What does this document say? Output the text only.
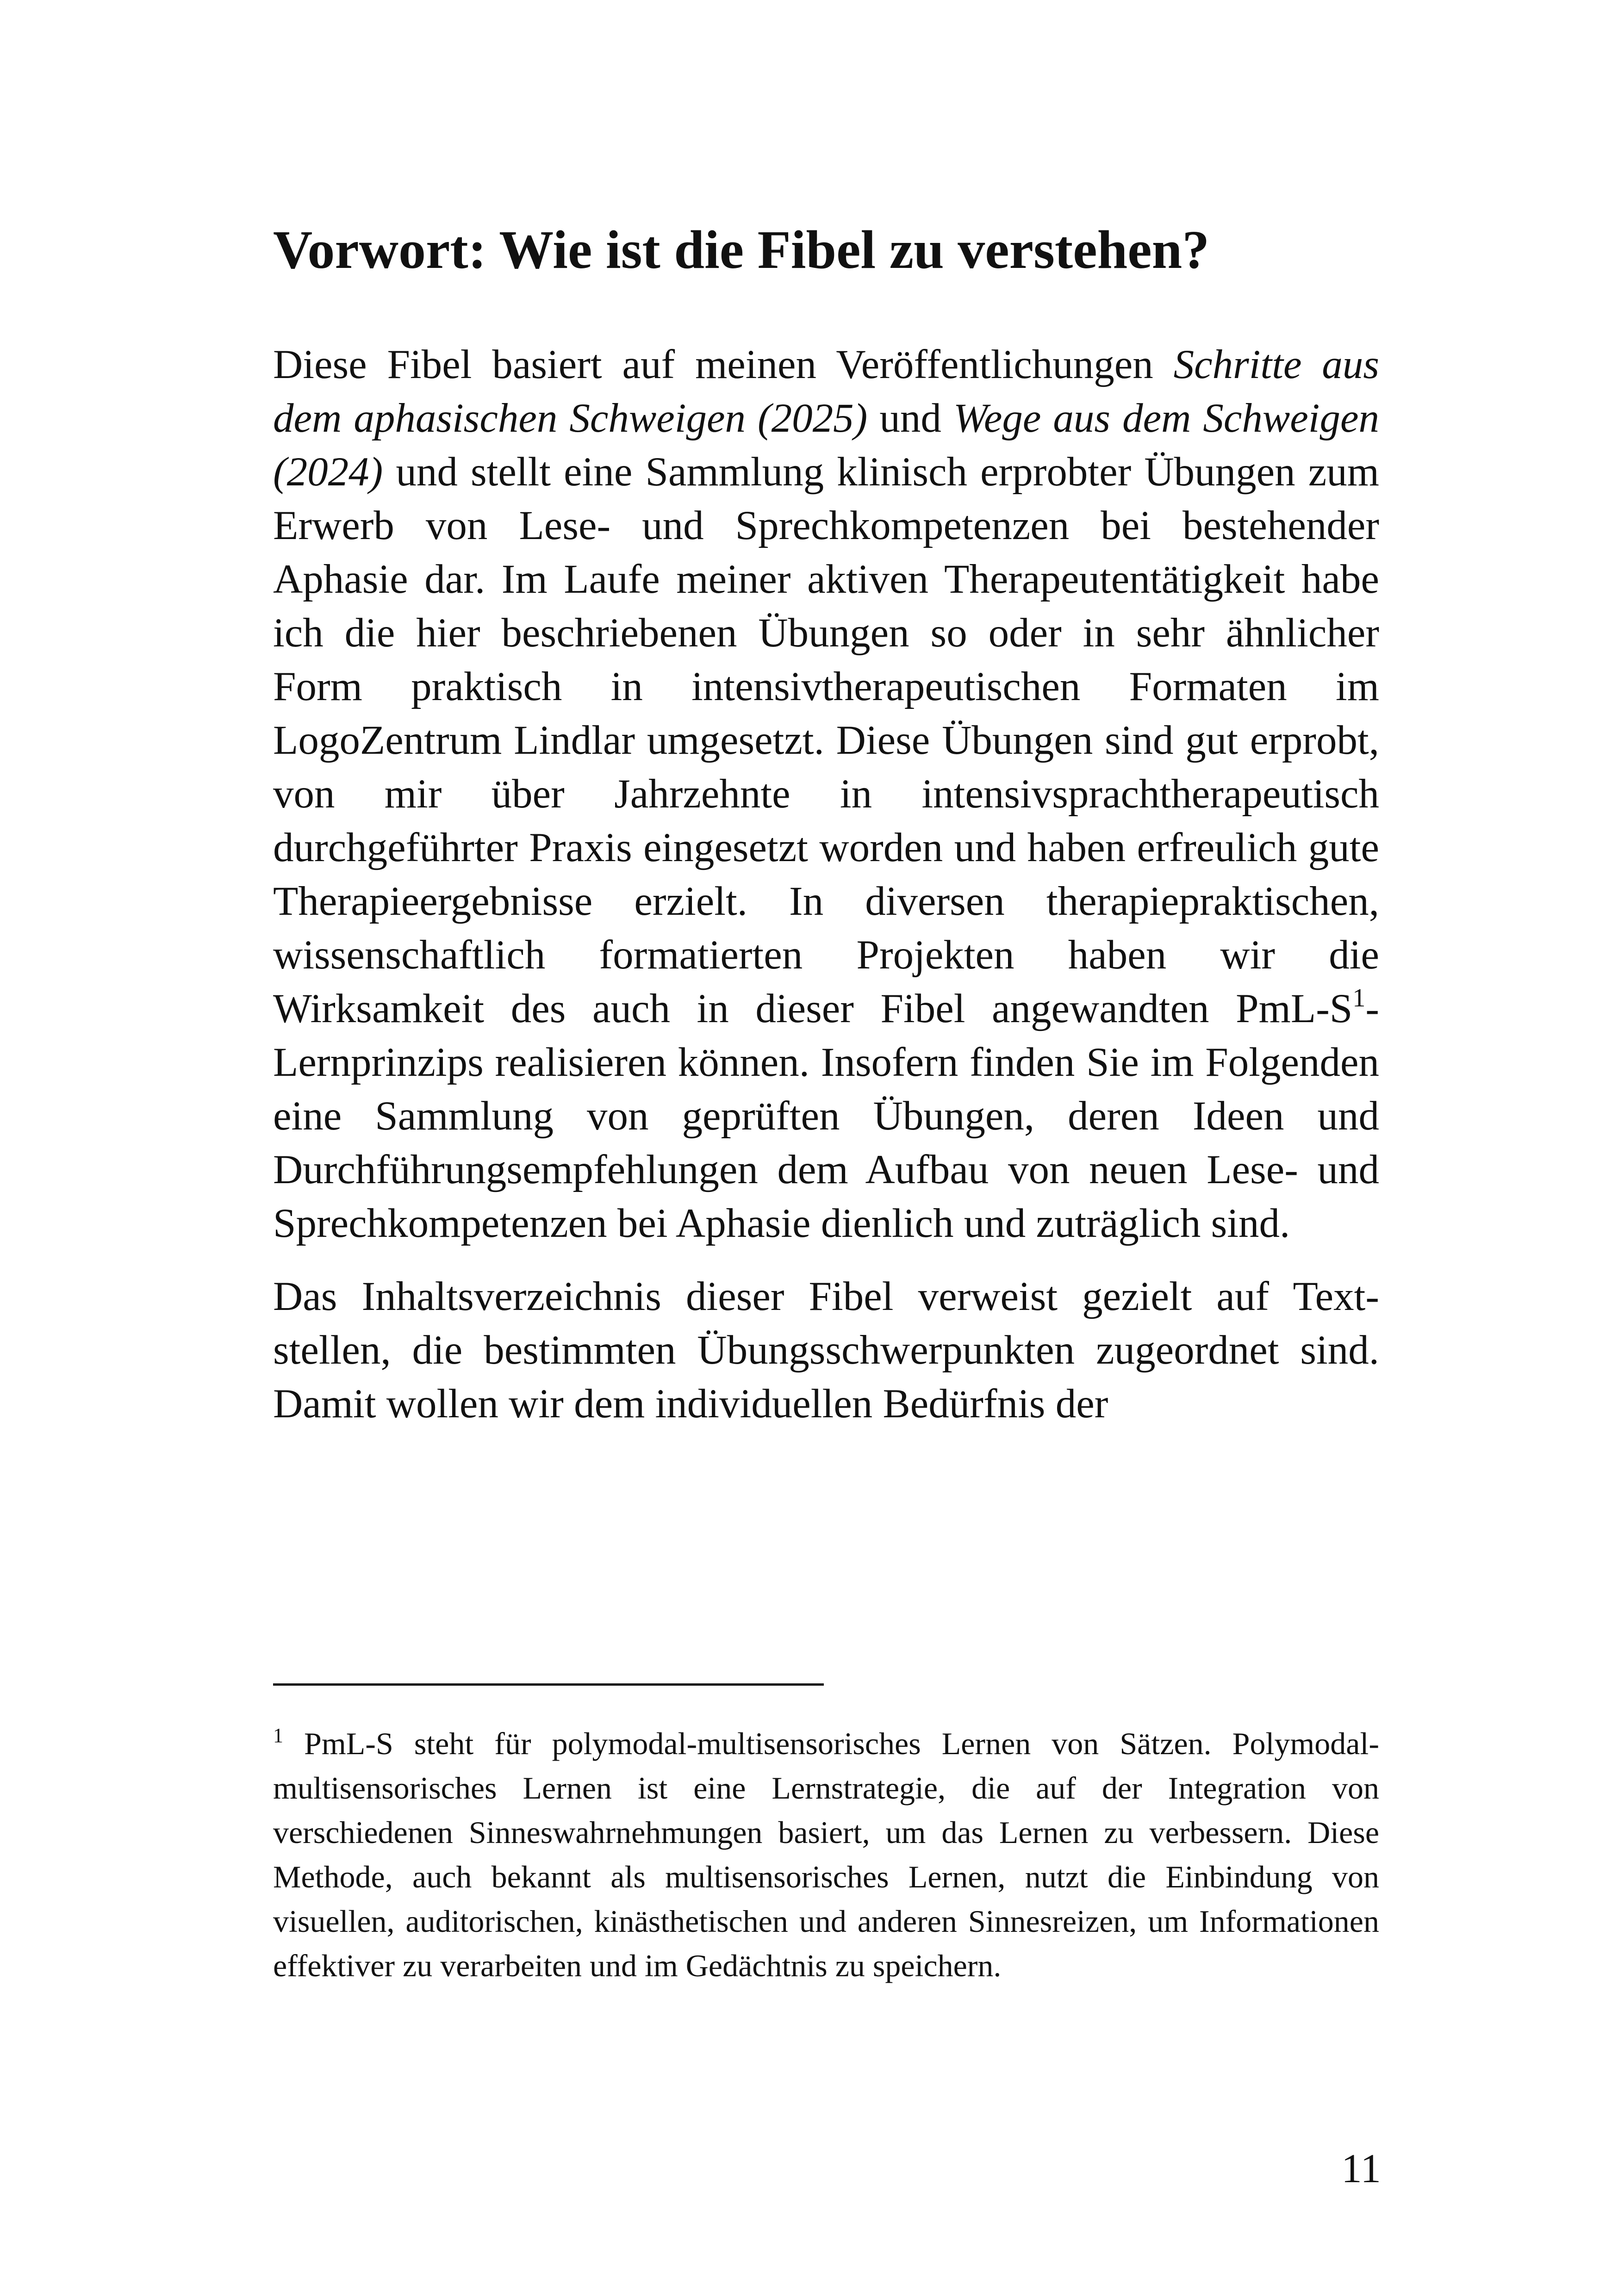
Vorwort: Wie ist die Fibel zu verstehen?

Diese Fibel basiert auf meinen Veröffentlichungen Schritte aus dem aphasischen Schweigen (2025) und Wege aus dem Schweigen (2024) und stellt eine Sammlung klinisch erprobter Übungen zum Erwerb von Lese- und Sprechkompetenzen bei bestehender Aphasie dar. Im Laufe meiner aktiven Therapeutentätigkeit habe ich die hier beschriebenen Übungen so oder in sehr ähnlicher Form praktisch in intensivtherapeutischen Formaten im LogoZentrum Lindlar umgesetzt. Diese Übungen sind gut erprobt, von mir über Jahrzehnte in intensivsprachtherapeutisch durchgeführter Praxis eingesetzt worden und haben erfreulich gute Therapieergebnisse erzielt. In diversen therapiepraktischen, wissenschaftlich formatierten Projekten haben wir die Wirksamkeit des auch in dieser Fibel angewandten PmL-S$^1$-Lernprinzips realisieren können. Insofern finden Sie im Folgenden eine Sammlung von geprüften Übungen, deren Ideen und Durchführungsempfehlungen dem Aufbau von neuen Lese- und Sprechkompetenzen bei Aphasie dienlich und zuträglich sind.

Das Inhaltsverzeichnis dieser Fibel verweist gezielt auf Textstellen, die bestimmten Übungsschwerpunkten zugeordnet sind. Damit wollen wir dem individuellen Bedürfnis der

$^1$ PmL-S steht für polymodal-multisensorisches Lernen von Sätzen. Polymodal-multisensorisches Lernen ist eine Lernstrategie, die auf der Integration von verschiedenen Sinneswahrnehmungen basiert, um das Lernen zu verbessern. Diese Methode, auch bekannt als multisensorisches Lernen, nutzt die Einbindung von visuellen, auditorischen, kinästhetischen und anderen Sinnesreizen, um Informationen effektiver zu verarbeiten und im Gedächtnis zu speichern.

11
